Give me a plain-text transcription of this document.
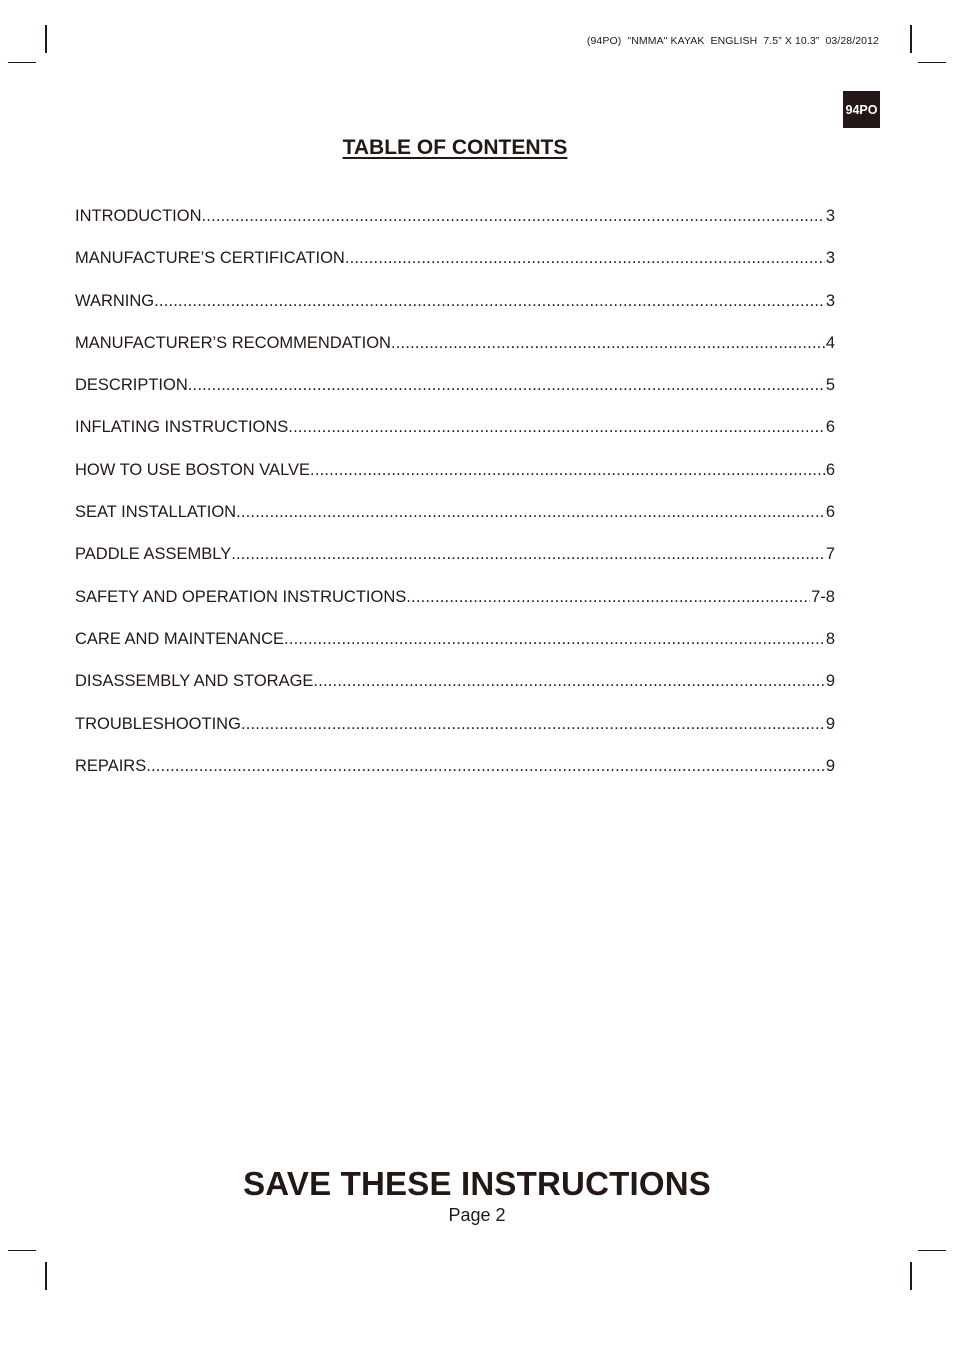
(94PO)  "NMMA" KAYAK  ENGLISH  7.5” X 10.3”  03/28/2012
94PO
TABLE OF CONTENTS
INTRODUCTION .....	3
MANUFACTURE’S CERTIFICATION .....	3
WARNING .....	3
MANUFACTURER’S RECOMMENDATION .....	4
DESCRIPTION .....	5
INFLATING INSTRUCTIONS .....	6
HOW TO USE BOSTON VALVE .....	6
SEAT INSTALLATION .....	6
PADDLE ASSEMBLY .....	7
SAFETY AND OPERATION INSTRUCTIONS .....	7-8
CARE AND MAINTENANCE .....	8
DISASSEMBLY AND STORAGE .....	9
TROUBLESHOOTING .....	9
REPAIRS .....	9
SAVE THESE INSTRUCTIONS
Page 2
